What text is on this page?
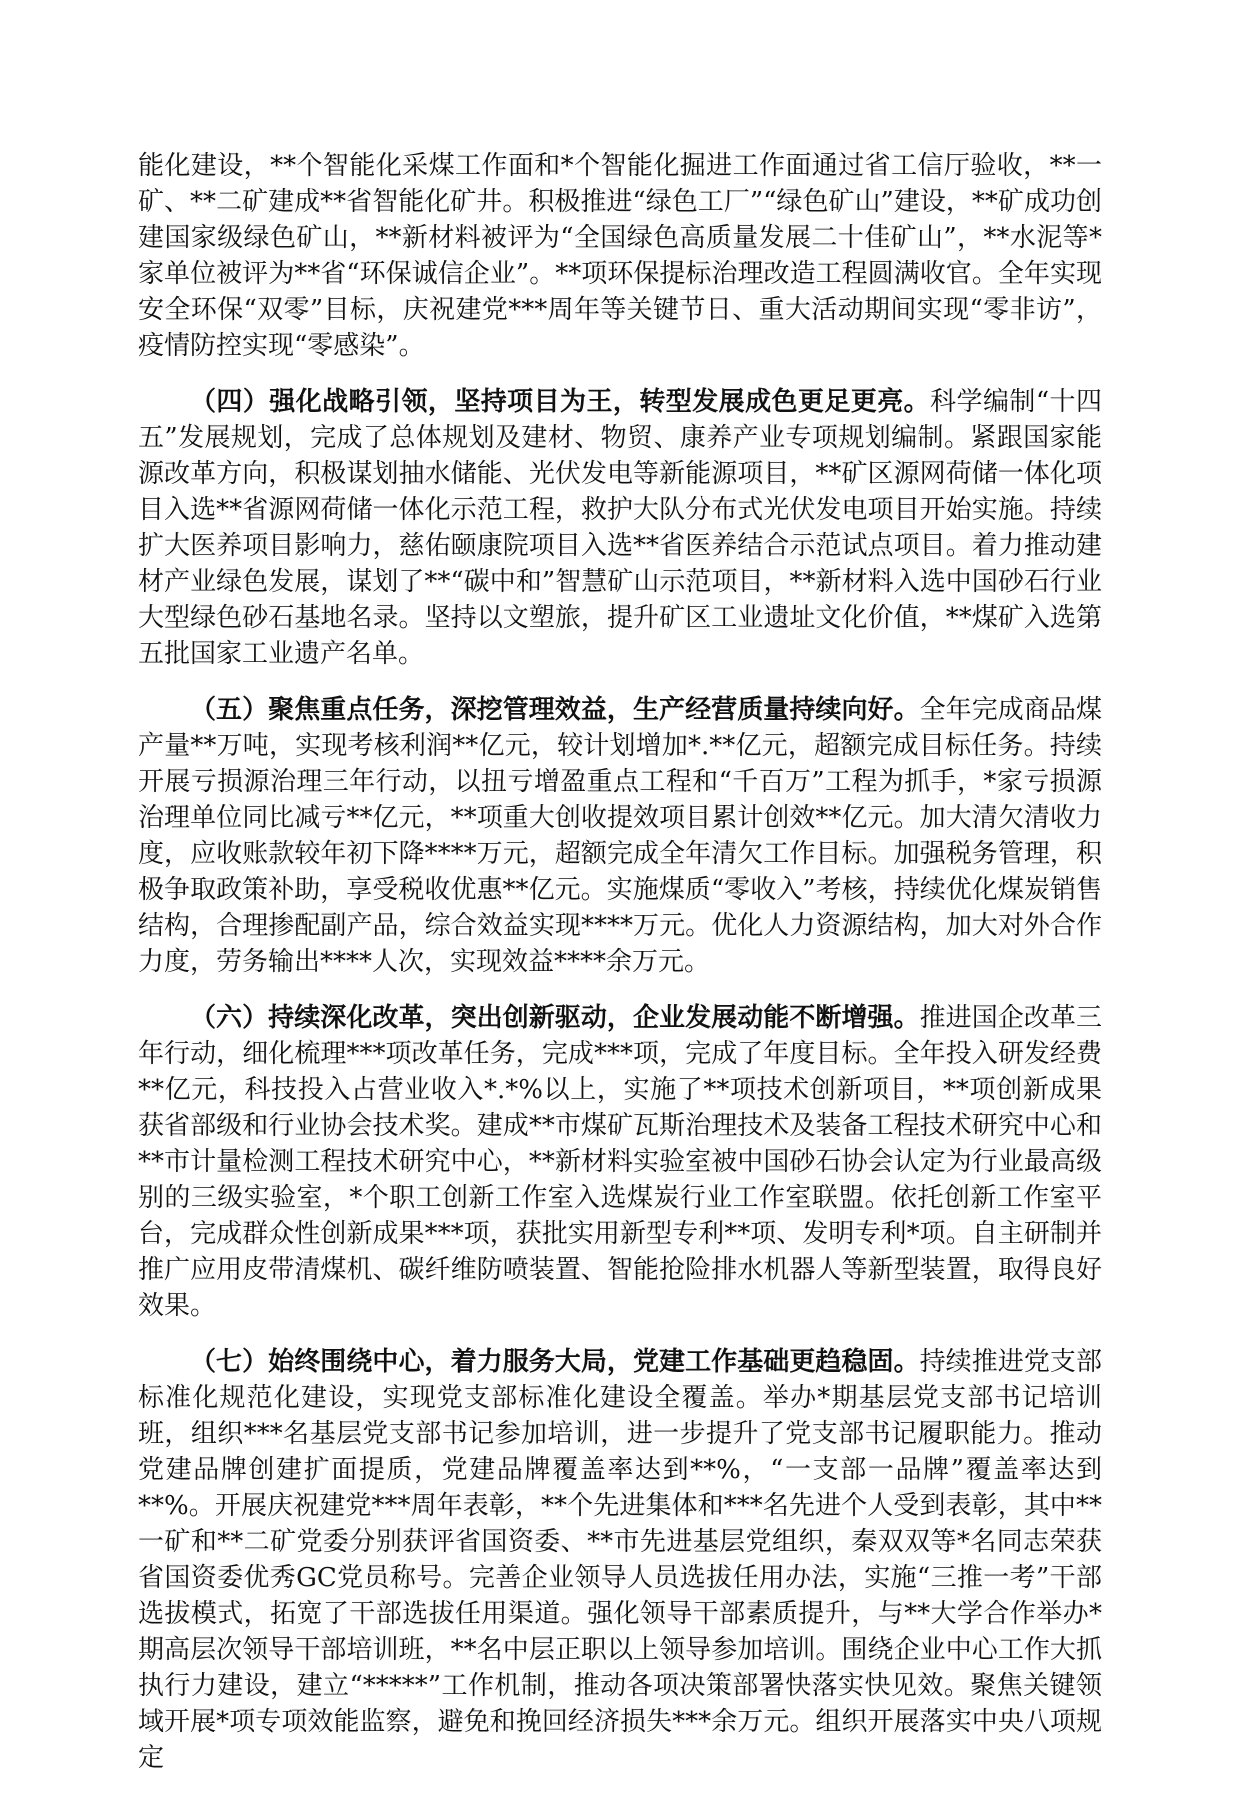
能化建设，**个智能化采煤工作面和*个智能化掘进工作面通过省工信厅验收，**一矿、**二矿建成**省智能化矿井。积极推进“绿色工厂”“绿色矿山”建设，**矿成功创建国家级绿色矿山，**新材料被评为“全国绿色高质量发展二十佳矿山”，**水泥等*家单位被评为**省“环保诚信企业”。**项环保提标治理改造工程圆满收官。全年实现安全环保“双零”目标，庆祝建党***周年等关键节日、重大活动期间实现“零非访”，疫情防控实现“零感染”。

（四）强化战略引领，坚持项目为王，转型发展成色更足更亮。科学编制“十四五”发展规划，完成了总体规划及建材、物贸、康养产业专项规划编制。紧跟国家能源改革方向，积极谋划抽水储能、光伏发电等新能源项目，**矿区源网荷储一体化项目入选**省源网荷储一体化示范工程，救护大队分布式光伏发电项目开始实施。持续扩大医养项目影响力，慈佑颐康院项目入选**省医养结合示范试点项目。着力推动建材产业绿色发展，谋划了**“碳中和”智慧矿山示范项目，**新材料入选中国砂石行业大型绿色砂石基地名录。坚持以文塑旅，提升矿区工业遗址文化价值，**煤矿入选第五批国家工业遗产名单。

（五）聚焦重点任务，深挖管理效益，生产经营质量持续向好。全年完成商品煤产量**万吨，实现考核利润**亿元，较计划增加*.**亿元，超额完成目标任务。持续开展亏损源治理三年行动，以扭亏增盈重点工程和“千百万”工程为抓手，*家亏损源治理单位同比减亏**亿元，**项重大创收提效项目累计创效**亿元。加大清欠清收力度，应收账款较年初下降****万元，超额完成全年清欠工作目标。加强税务管理，积极争取政策补助，享受税收优惠**亿元。实施煤质“零收入”考核，持续优化煤炭销售结构，合理掺配副产品，综合效益实现****万元。优化人力资源结构，加大对外合作力度，劳务输出****人次，实现效益****余万元。

（六）持续深化改革，突出创新驱动，企业发展动能不断增强。推进国企改革三年行动，细化梳理***项改革任务，完成***项，完成了年度目标。全年投入研发经费**亿元，科技投入占营业收入*.*%以上，实施了**项技术创新项目，**项创新成果获省部级和行业协会技术奖。建成**市煤矿瓦斯治理技术及装备工程技术研究中心和**市计量检测工程技术研究中心，**新材料实验室被中国砂石协会认定为行业最高级别的三级实验室，*个职工创新工作室入选煤炭行业工作室联盟。依托创新工作室平台，完成群众性创新成果***项，获批实用新型专利**项、发明专利*项。自主研制并推广应用皮带清煤机、碳纤维防喷装置、智能抢险排水机器人等新型装置，取得良好效果。

（七）始终围绕中心，着力服务大局，党建工作基础更趋稳固。持续推进党支部标准化规范化建设，实现党支部标准化建设全覆盖。举办*期基层党支部书记培训班，组织***名基层党支部书记参加培训，进一步提升了党支部书记履职能力。推动党建品牌创建扩面提质，党建品牌覆盖率达到**%，“一支部一品牌”覆盖率达到**%。开展庆祝建党***周年表彰，**个先进集体和***名先进个人受到表彰，其中**一矿和**二矿党委分别获评省国资委、**市先进基层党组织，秦双双等*名同志荣获省国资委优秀GC党员称号。完善企业领导人员选拔任用办法，实施“三推一考”干部选拔模式，拓宽了干部选拔任用渠道。强化领导干部素质提升，与**大学合作举办*期高层次领导干部培训班，**名中层正职以上领导参加培训。围绕企业中心工作大抓执行力建设，建立“*****”工作机制，推动各项决策部署快落实快见效。聚焦关键领域开展*项专项效能监察，避免和挽回经济损失***余万元。组织开展落实中央八项规定
